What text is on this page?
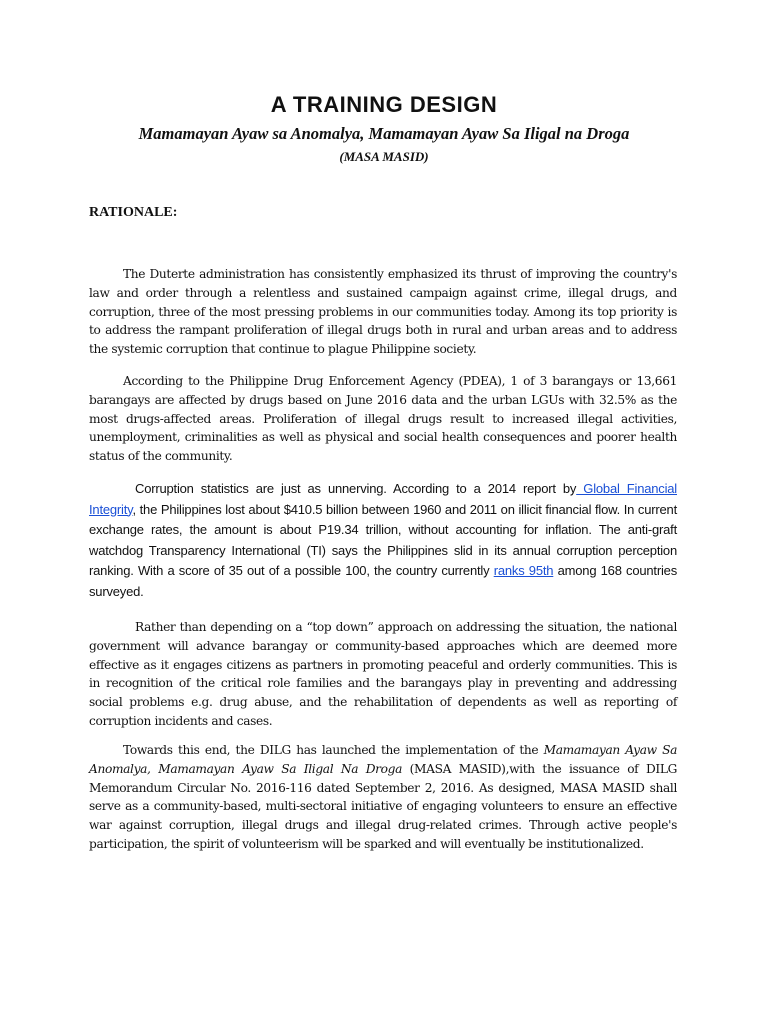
A TRAINING DESIGN

Mamamayan Ayaw sa Anomalya, Mamamayan Ayaw Sa Iligal na Droga

(MASA MASID)

RATIONALE:

The Duterte administration has consistently emphasized its thrust of improving the country's law and order through a relentless and sustained campaign against crime, illegal drugs, and corruption, three of the most pressing problems in our communities today. Among its top priority is to address the rampant proliferation of illegal drugs both in rural and urban areas and to address the systemic corruption that continue to plague Philippine society.

According to the Philippine Drug Enforcement Agency (PDEA), 1 of 3 barangays or 13,661 barangays are affected by drugs based on June 2016 data and the urban LGUs with 32.5% as the most drugs-affected areas. Proliferation of illegal drugs result to increased illegal activities, unemployment, criminalities as well as physical and social health consequences and poorer health status of the community.

Corruption statistics are just as unnerving. According to a 2014 report by Global Financial Integrity, the Philippines lost about $410.5 billion between 1960 and 2011 on illicit financial flow. In current exchange rates, the amount is about P19.34 trillion, without accounting for inflation. The anti-graft watchdog Transparency International (TI) says the Philippines slid in its annual corruption perception ranking. With a score of 35 out of a possible 100, the country currently ranks 95th among 168 countries surveyed.

Rather than depending on a “top down” approach on addressing the situation, the national government will advance barangay or community-based approaches which are deemed more effective as it engages citizens as partners in promoting peaceful and orderly communities. This is in recognition of the critical role families and the barangays play in preventing and addressing social problems e.g. drug abuse, and the rehabilitation of dependents as well as reporting of corruption incidents and cases.

Towards this end, the DILG has launched the implementation of the Mamamayan Ayaw Sa Anomalya, Mamamayan Ayaw Sa Iligal Na Droga (MASA MASID),with the issuance of DILG Memorandum Circular No. 2016-116 dated September 2, 2016. As designed, MASA MASID shall serve as a community-based, multi-sectoral initiative of engaging volunteers to ensure an effective war against corruption, illegal drugs and illegal drug-related crimes. Through active people's participation, the spirit of volunteerism will be sparked and will eventually be institutionalized.
